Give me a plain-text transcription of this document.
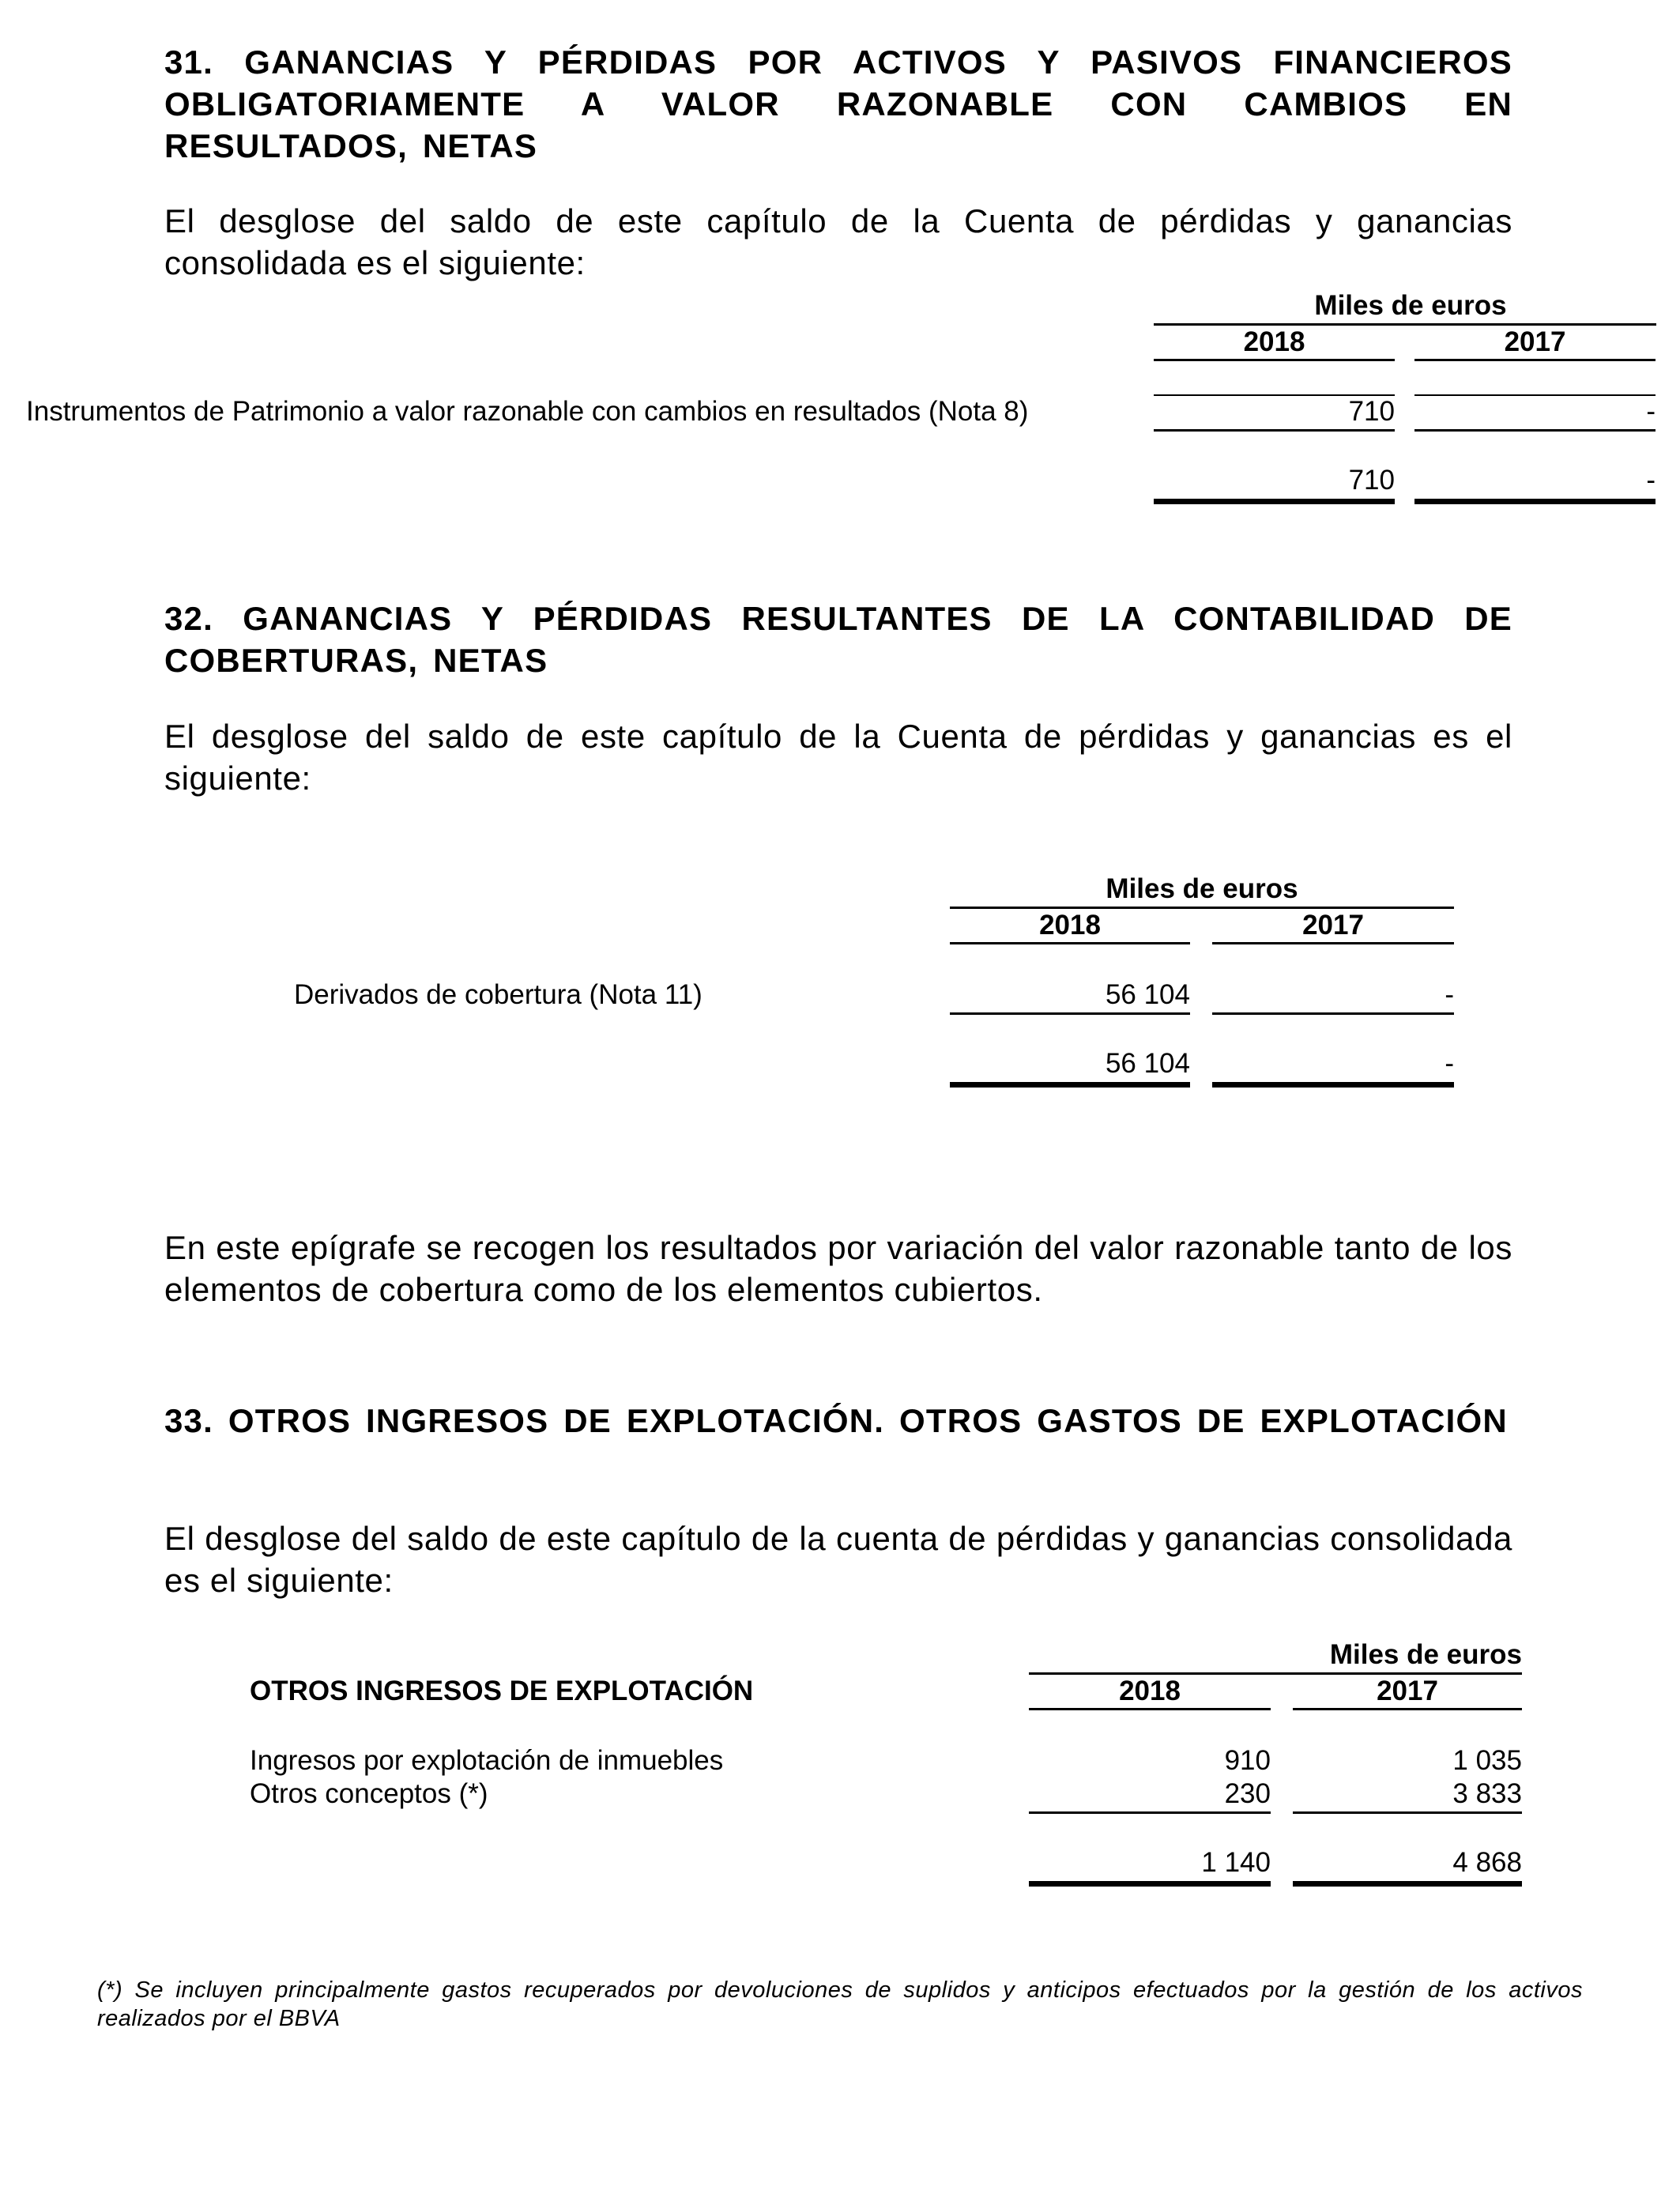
31. GANANCIAS Y PÉRDIDAS POR ACTIVOS Y PASIVOS FINANCIEROS OBLIGATORIAMENTE A VALOR RAZONABLE CON CAMBIOS EN RESULTADOS, NETAS
El desglose del saldo de este capítulo de la Cuenta de pérdidas y ganancias consolidada es el siguiente:
Miles de euros
2018	2017
Instrumentos de Patrimonio a valor razonable con cambios en resultados (Nota 8)	710	-
710	-
32. GANANCIAS Y PÉRDIDAS RESULTANTES DE LA CONTABILIDAD DE COBERTURAS, NETAS
El desglose del saldo de este capítulo de la Cuenta de pérdidas y ganancias es el siguiente:
Miles de euros
2018	2017
Derivados de cobertura (Nota 11)	56 104	-
56 104	-
En este epígrafe se recogen los resultados por variación del valor razonable tanto de los elementos de cobertura como de los elementos cubiertos.
33. OTROS INGRESOS DE EXPLOTACIÓN. OTROS GASTOS DE EXPLOTACIÓN
El desglose del saldo de este capítulo de la cuenta de pérdidas y ganancias consolidada es el siguiente:
OTROS INGRESOS DE EXPLOTACIÓN
Miles de euros
2018	2017
Ingresos por explotación de inmuebles	910	1 035
Otros conceptos (*)	230	3 833
1 140	4 868
(*) Se incluyen principalmente gastos recuperados por devoluciones de suplidos y anticipos efectuados por la gestión de los activos realizados por el BBVA
